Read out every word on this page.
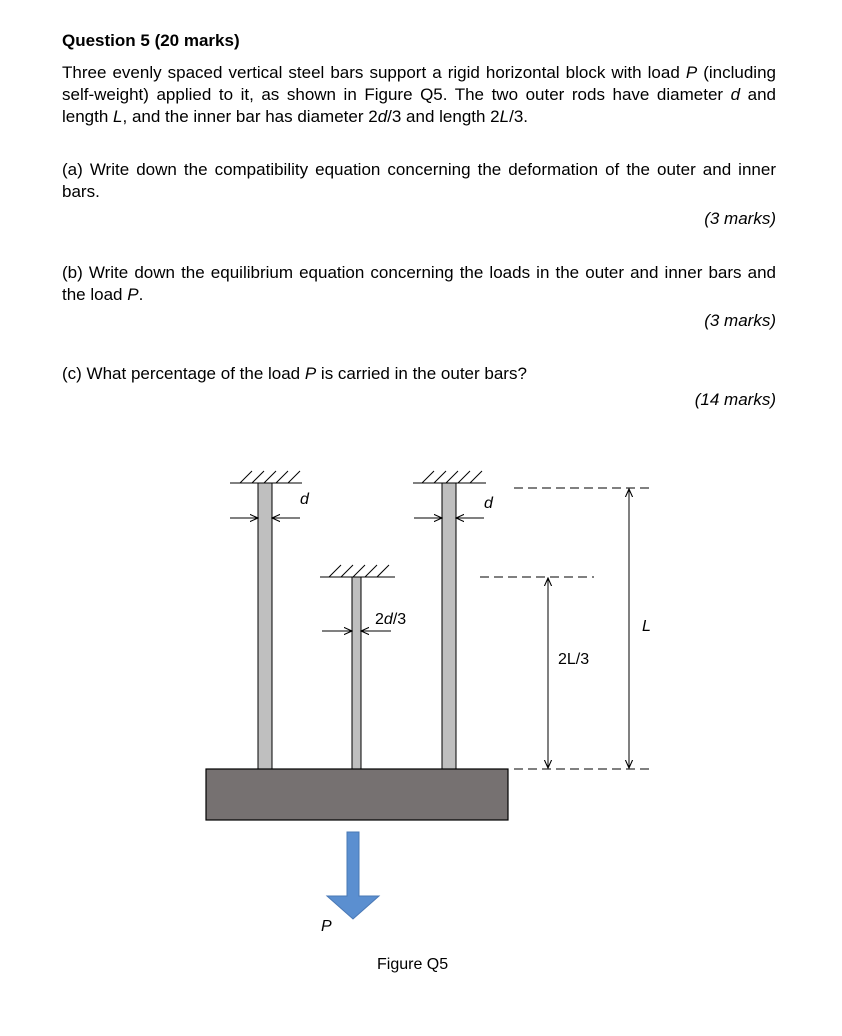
Question 5 (20 marks)
Three evenly spaced vertical steel bars support a rigid horizontal block with load P (including self-weight) applied to it, as shown in Figure Q5. The two outer rods have diameter d and length L, and the inner bar has diameter 2d/3 and length 2L/3.
(a) Write down the compatibility equation concerning the deformation of the outer and inner bars.
(3 marks)
(b) Write down the equilibrium equation concerning the loads in the outer and inner bars and the load P.
(3 marks)
(c) What percentage of the load P is carried in the outer bars?
(14 marks)
d	d
2d/3	L
2L/3
P
Figure Q5
